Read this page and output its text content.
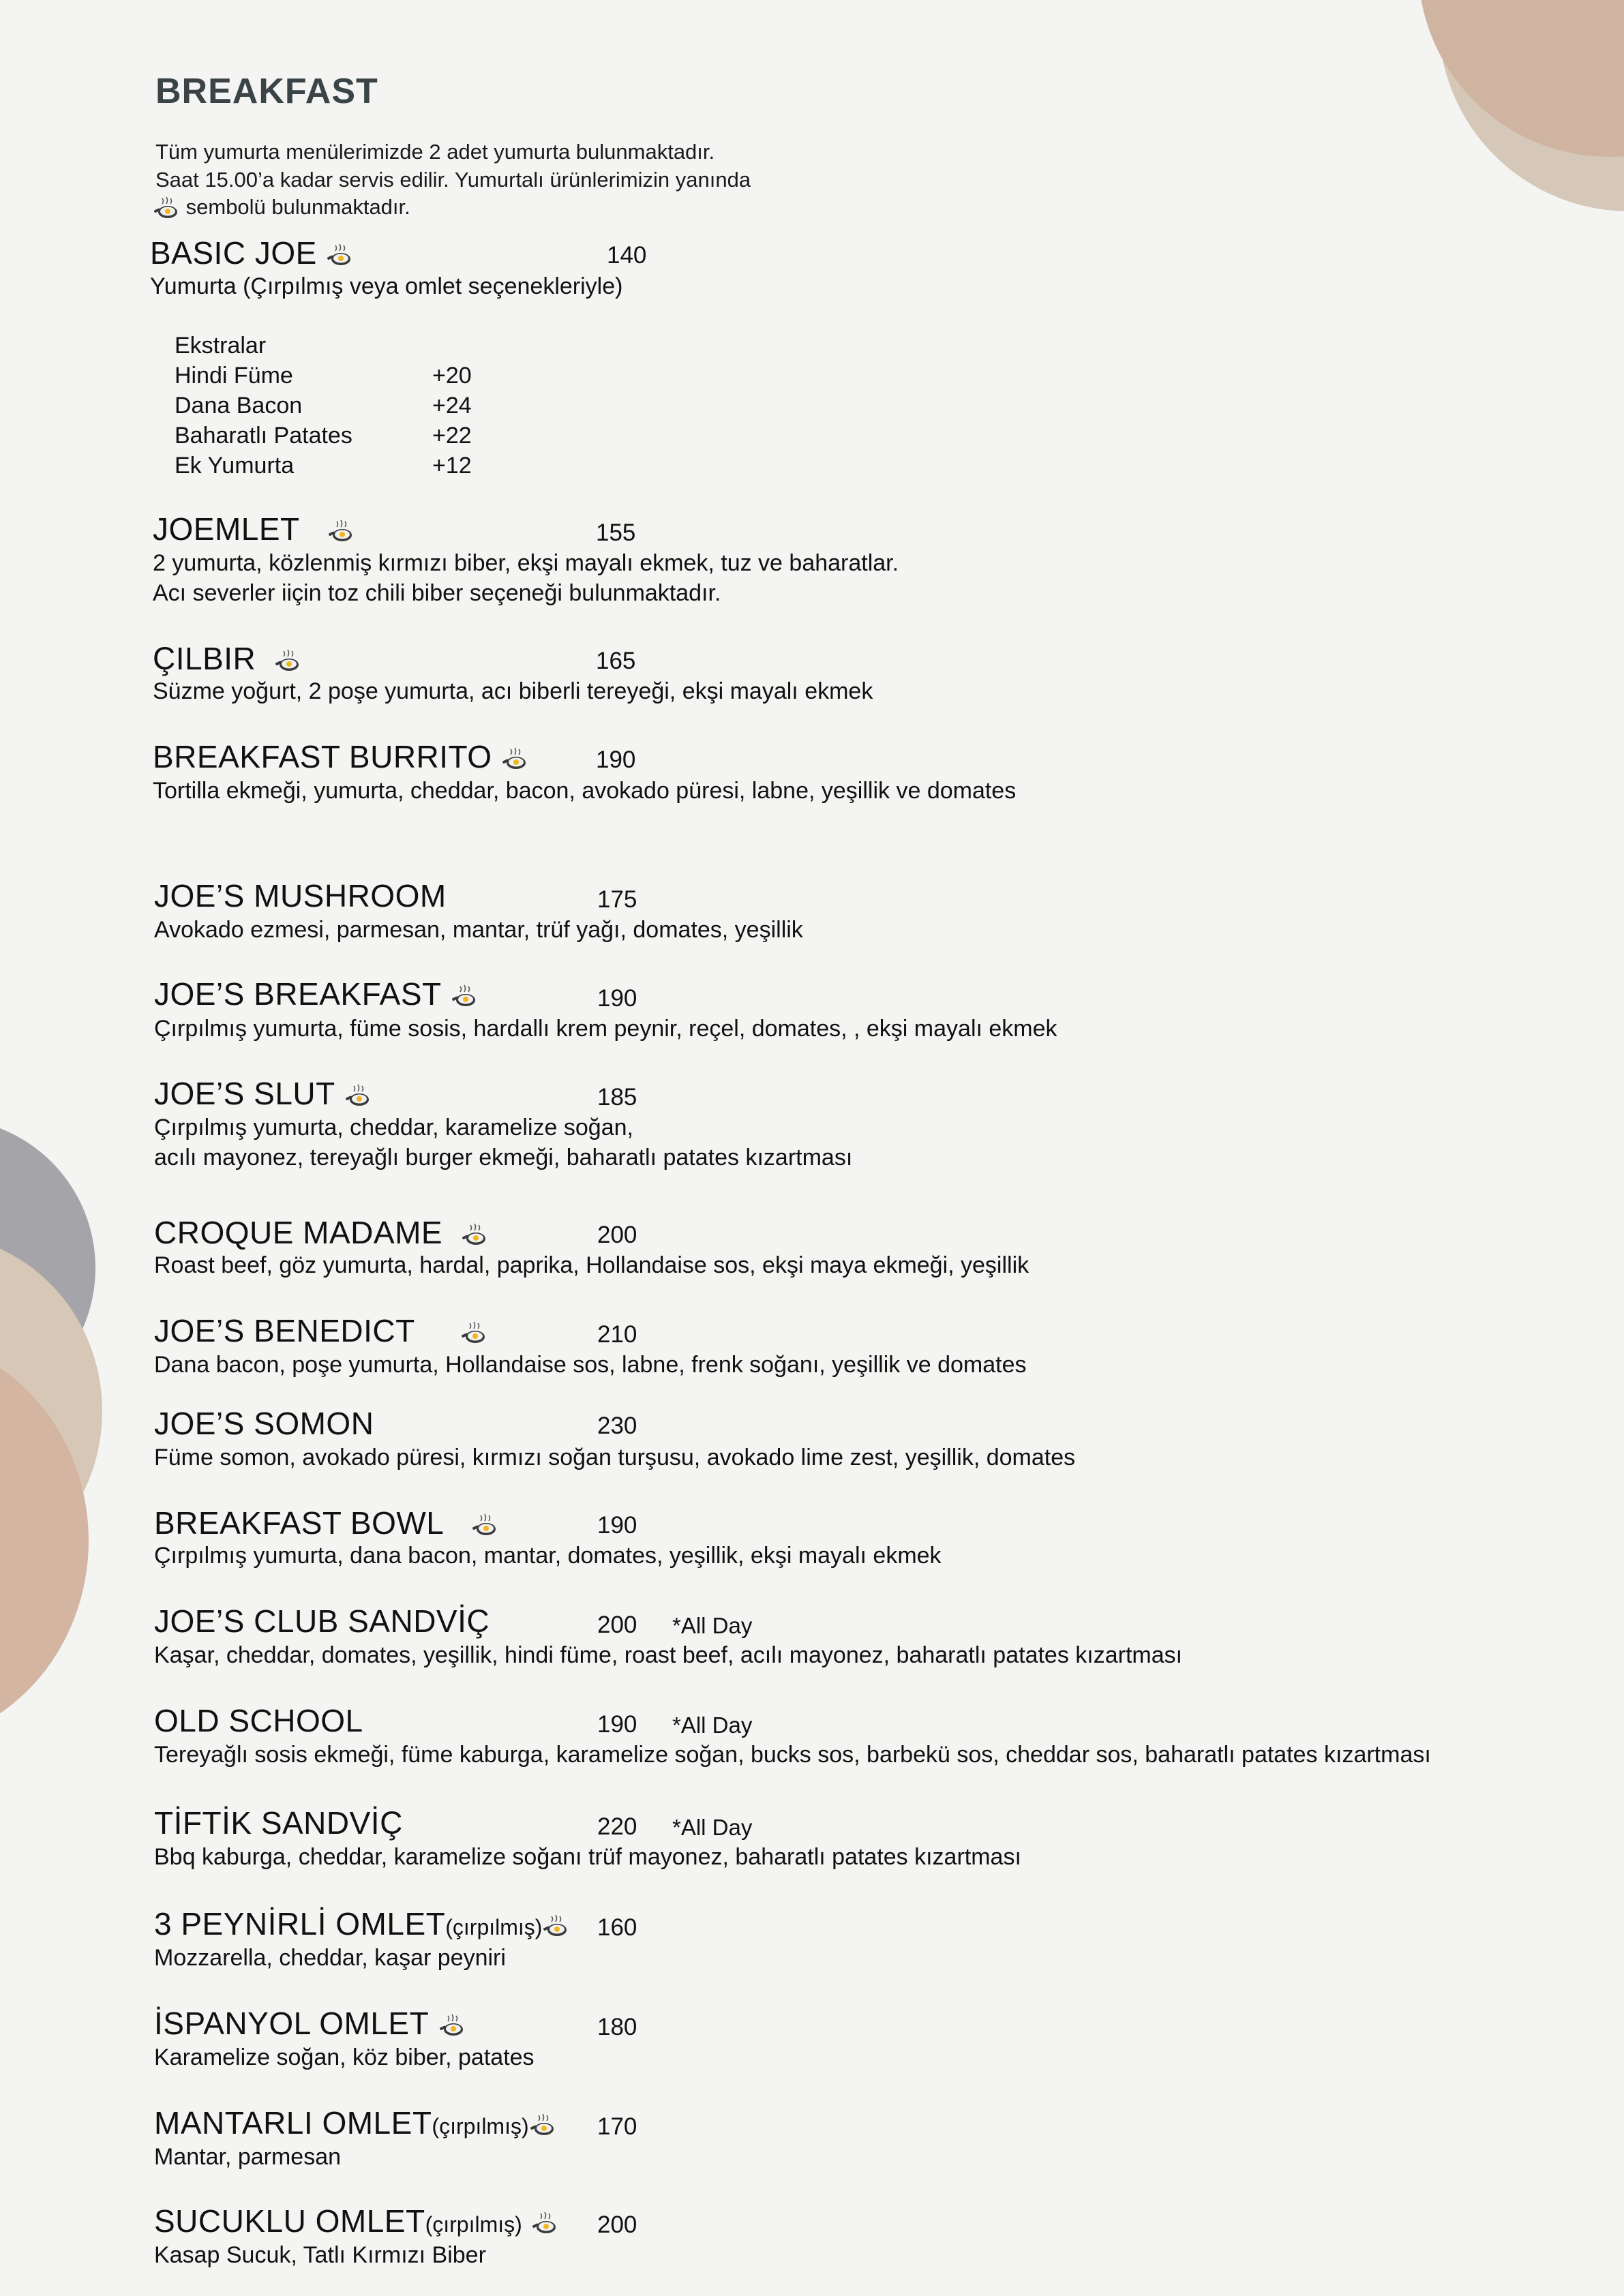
BREAKFAST
Tüm yumurta menülerimizde 2 adet yumurta bulunmaktadır.
Saat 15.00’a kadar servis edilir. Yumurtalı ürünlerimizin yanında
sembolü bulunmaktadır.
BASIC JOE	140
Yumurta (Çırpılmış veya omlet seçenekleriyle)
Ekstralar
Hindi Füme	+20
Dana Bacon	+24
Baharatlı Patates	+22
Ek Yumurta	+12
JOEMLET	155
2 yumurta, közlenmiş kırmızı biber, ekşi mayalı ekmek, tuz ve baharatlar.
Acı severler iiçin toz chili biber seçeneği bulunmaktadır.
ÇILBIR	165
Süzme yoğurt, 2 poşe yumurta, acı biberli tereyeği, ekşi mayalı ekmek
BREAKFAST BURRITO	190
Tortilla ekmeği, yumurta, cheddar, bacon, avokado püresi, labne, yeşillik ve domates
JOE’S MUSHROOM	175
Avokado ezmesi, parmesan, mantar, trüf yağı, domates, yeşillik
JOE’S BREAKFAST	190
Çırpılmış yumurta, füme sosis, hardallı krem peynir, reçel, domates, , ekşi mayalı ekmek
JOE’S SLUT	185
Çırpılmış yumurta, cheddar, karamelize soğan,
acılı mayonez, tereyağlı burger ekmeği, baharatlı patates kızartması
CROQUE MADAME	200
Roast beef, göz yumurta, hardal, paprika, Hollandaise sos, ekşi maya ekmeği, yeşillik
JOE’S BENEDICT	210
Dana bacon, poşe yumurta, Hollandaise sos, labne, frenk soğanı, yeşillik ve domates
JOE’S SOMON	230
Füme somon, avokado püresi, kırmızı soğan turşusu, avokado lime zest, yeşillik, domates
BREAKFAST BOWL	190
Çırpılmış yumurta, dana bacon, mantar, domates, yeşillik, ekşi mayalı ekmek
JOE’S CLUB SANDVİÇ	200 *All Day
Kaşar, cheddar, domates, yeşillik, hindi füme, roast beef, acılı mayonez, baharatlı patates kızartması
OLD SCHOOL	190 *All Day
Tereyağlı sosis ekmeği, füme kaburga, karamelize soğan, bucks sos, barbekü sos, cheddar sos, baharatlı patates kızartması
TİFTİK SANDVİÇ	220 *All Day
Bbq kaburga, cheddar, karamelize soğanı trüf mayonez, baharatlı patates kızartması
3 PEYNİRLİ OMLET(çırpılmış)	160
Mozzarella, cheddar, kaşar peyniri
İSPANYOL OMLET	180
Karamelize soğan, köz biber, patates
MANTARLI OMLET(çırpılmış)	170
Mantar, parmesan
SUCUKLU OMLET(çırpılmış)	200
Kasap Sucuk, Tatlı Kırmızı Biber
